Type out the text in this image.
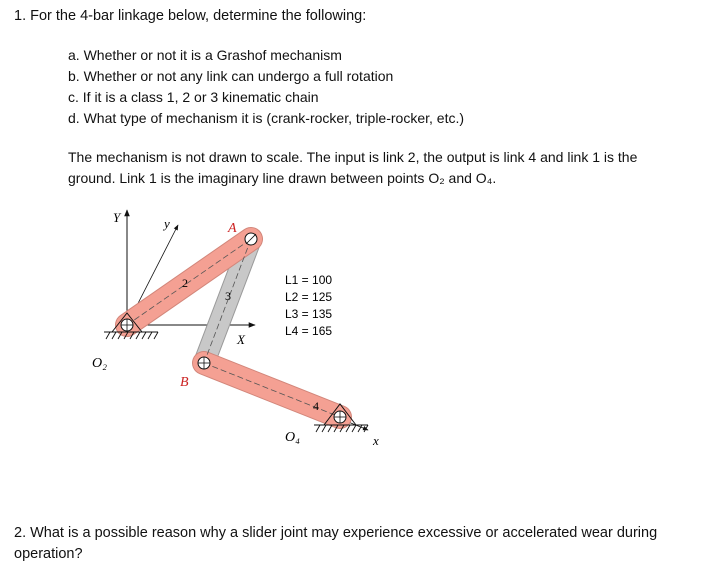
1. For the 4-bar linkage below, determine the following:
a. Whether or not it is a Grashof mechanism
b. Whether or not any link can undergo a full rotation
c. If it is a class 1, 2 or 3 kinematic chain
d. What type of mechanism it is (crank-rocker, triple-rocker, etc.)
The mechanism is not drawn to scale. The input is link 2, the output is link 4 and link 1 is the
ground. Link 1 is the imaginary line drawn between points O₂ and O₄.
Y	y	A
2
3
X
O₂
B
4
O₄	x
L1 = 100
L2 = 125
L3 = 135
L4 = 165
2. What is a possible reason why a slider joint may experience excessive or accelerated wear during
operation?
